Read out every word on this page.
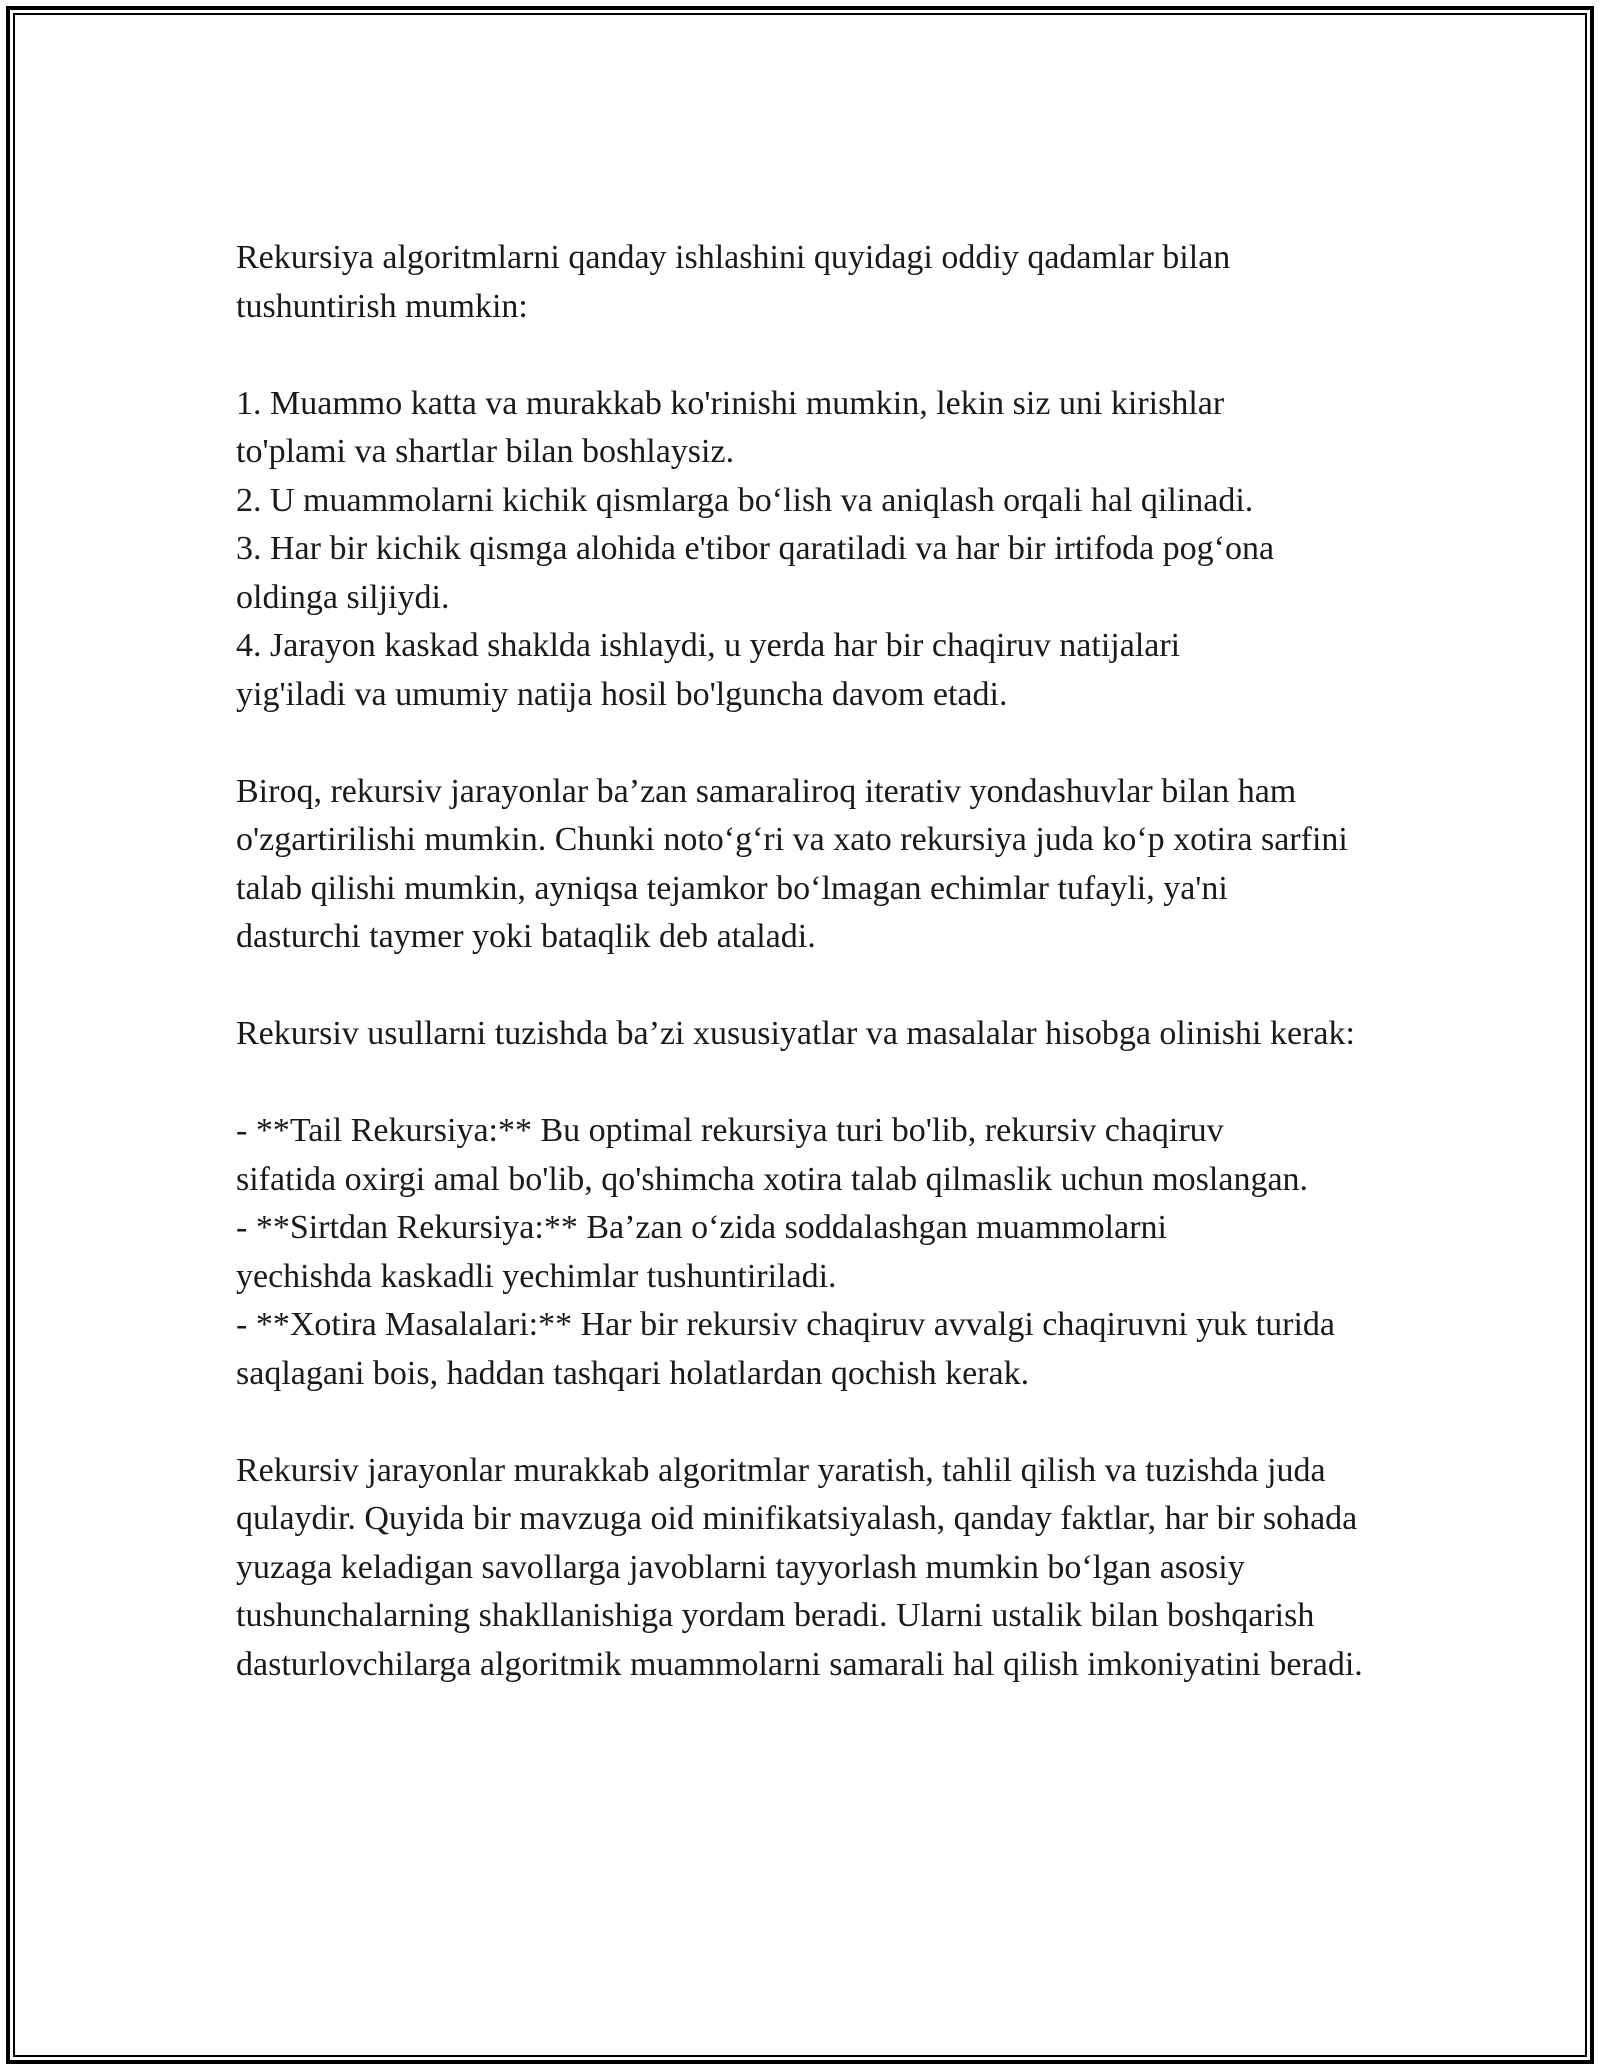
Rekursiya algoritmlarni qanday ishlashini quyidagi oddiy qadamlar bilan tushuntirish mumkin:

1. Muammo katta va murakkab ko'rinishi mumkin, lekin siz uni kirishlar to'plami va shartlar bilan boshlaysiz.

2. U muammolarni kichik qismlarga bo‘lish va aniqlash orqali hal qilinadi.

3. Har bir kichik qismga alohida e'tibor qaratiladi va har bir irtifoda pog‘ona oldinga siljiydi.

4. Jarayon kaskad shaklda ishlaydi, u yerda har bir chaqiruv natijalari yig'iladi va umumiy natija hosil bo'lguncha davom etadi.

Biroq, rekursiv jarayonlar ba’zan samaraliroq iterativ yondashuvlar bilan ham o'zgartirilishi mumkin. Chunki noto‘g‘ri va xato rekursiya juda ko‘p xotira sarfini talab qilishi mumkin, ayniqsa tejamkor bo‘lmagan echimlar tufayli, ya'ni dasturchi taymer yoki bataqlik deb ataladi.

Rekursiv usullarni tuzishda ba’zi xususiyatlar va masalalar hisobga olinishi kerak:

- **Tail Rekursiya:** Bu optimal rekursiya turi bo'lib, rekursiv chaqiruv sifatida oxirgi amal bo'lib, qo'shimcha xotira talab qilmaslik uchun moslangan.

- **Sirtdan Rekursiya:** Ba’zan o‘zida soddalashgan muammolarni yechishda kaskadli yechimlar tushuntiriladi.

- **Xotira Masalalari:** Har bir rekursiv chaqiruv avvalgi chaqiruvni yuk turida saqlagani bois, haddan tashqari holatlardan qochish kerak.

Rekursiv jarayonlar murakkab algoritmlar yaratish, tahlil qilish va tuzishda juda qulaydir. Quyida bir mavzuga oid minifikatsiyalash, qanday faktlar, har bir sohada yuzaga keladigan savollarga javoblarni tayyorlash mumkin bo‘lgan asosiy tushunchalarning shakllanishiga yordam beradi. Ularni ustalik bilan boshqarish dasturlovchilarga algoritmik muammolarni samarali hal qilish imkoniyatini beradi.
